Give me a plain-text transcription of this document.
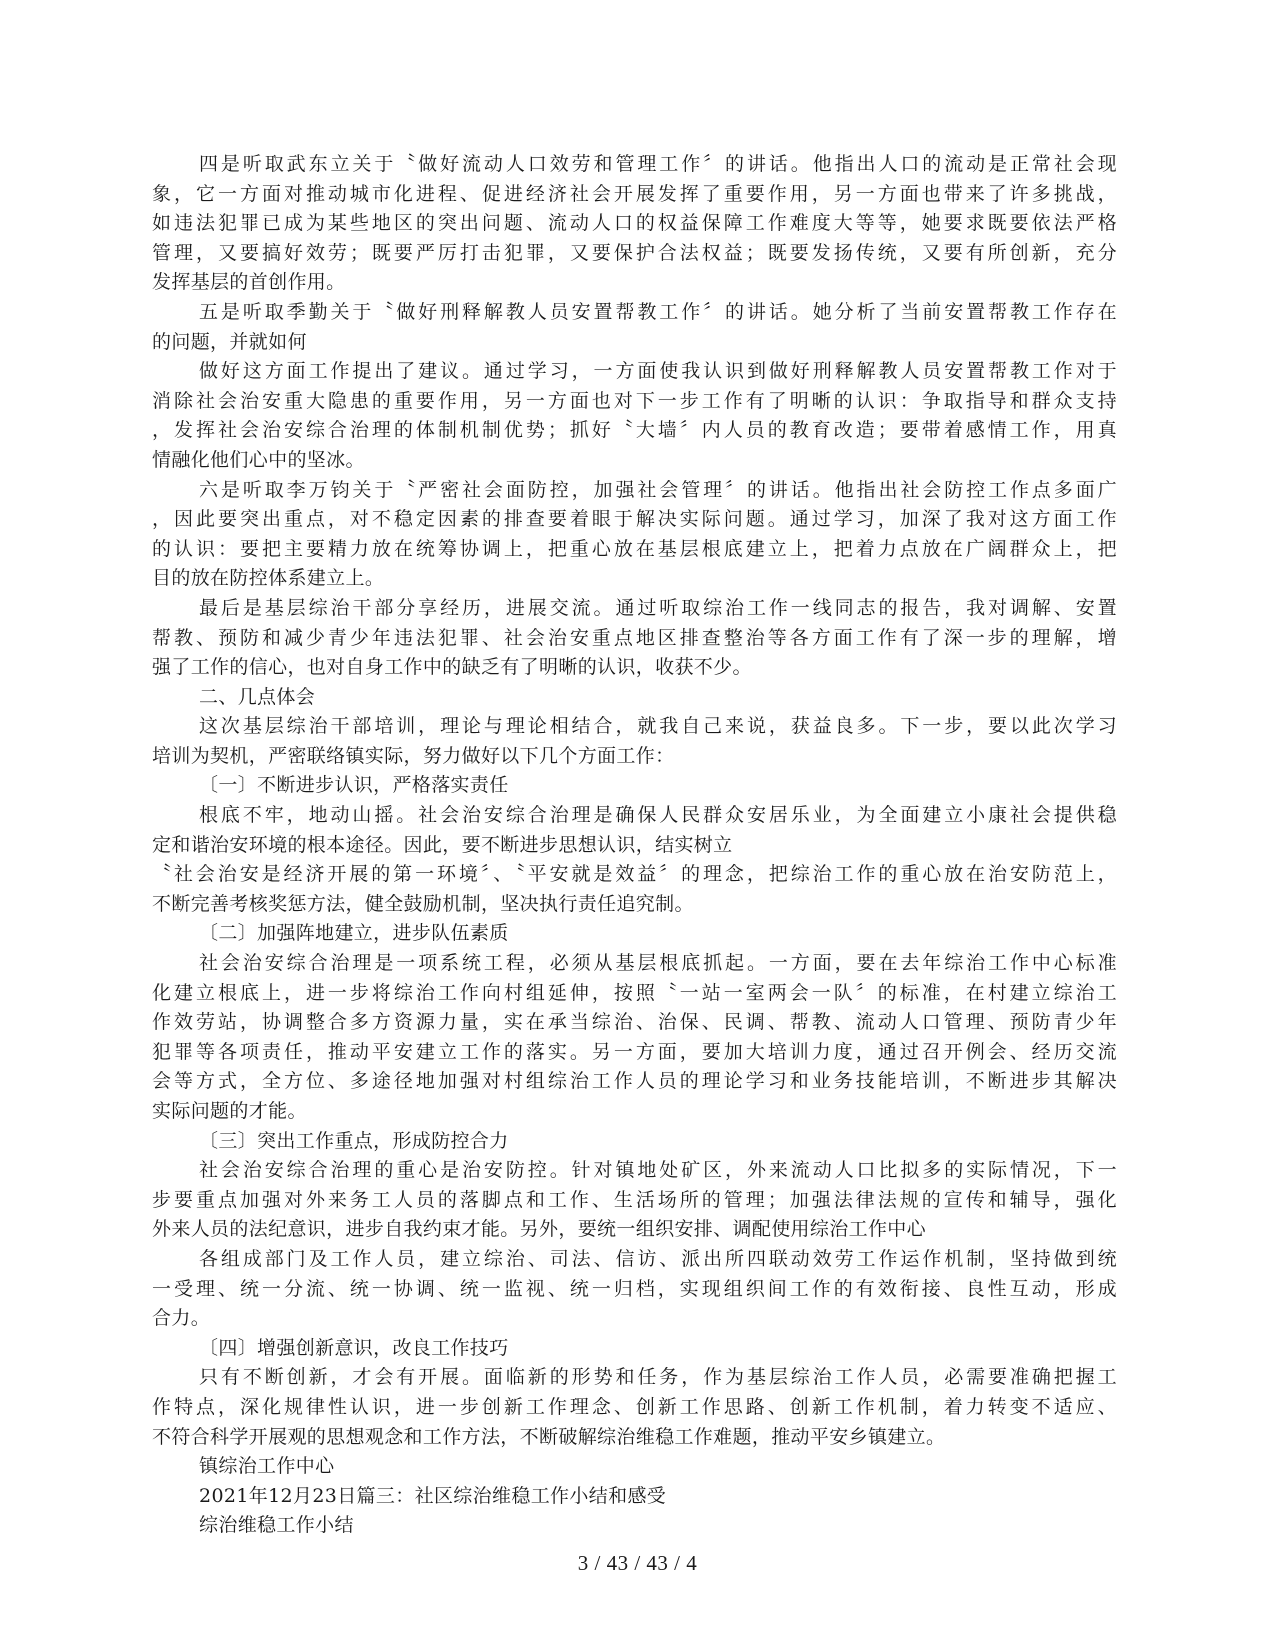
四是听取武东立关于〝做好流动人口效劳和管理工作〞的讲话。他指出人口的流动是正常社会现
象，它一方面对推动城市化进程、促进经济社会开展发挥了重要作用，另一方面也带来了许多挑战，
如违法犯罪已成为某些地区的突出问题、流动人口的权益保障工作难度大等等，她要求既要依法严格
管理，又要搞好效劳；既要严厉打击犯罪，又要保护合法权益；既要发扬传统，又要有所创新，充分
发挥基层的首创作用。
五是听取季勤关于〝做好刑释解教人员安置帮教工作〞的讲话。她分析了当前安置帮教工作存在
的问题，并就如何
做好这方面工作提出了建议。通过学习，一方面使我认识到做好刑释解教人员安置帮教工作对于
消除社会治安重大隐患的重要作用，另一方面也对下一步工作有了明晰的认识：争取指导和群众支持
，发挥社会治安综合治理的体制机制优势；抓好〝大墙〞内人员的教育改造；要带着感情工作，用真
情融化他们心中的坚冰。
六是听取李万钧关于〝严密社会面防控，加强社会管理〞的讲话。他指出社会防控工作点多面广
，因此要突出重点，对不稳定因素的排查要着眼于解决实际问题。通过学习，加深了我对这方面工作
的认识：要把主要精力放在统筹协调上，把重心放在基层根底建立上，把着力点放在广阔群众上，把
目的放在防控体系建立上。
最后是基层综治干部分享经历，进展交流。通过听取综治工作一线同志的报告，我对调解、安置
帮教、预防和减少青少年违法犯罪、社会治安重点地区排查整治等各方面工作有了深一步的理解，增
强了工作的信心，也对自身工作中的缺乏有了明晰的认识，收获不少。
二、几点体会
这次基层综治干部培训，理论与理论相结合，就我自己来说，获益良多。下一步，要以此次学习
培训为契机，严密联络镇实际，努力做好以下几个方面工作：
〔一〕不断进步认识，严格落实责任
根底不牢，地动山摇。社会治安综合治理是确保人民群众安居乐业，为全面建立小康社会提供稳
定和谐治安环境的根本途径。因此，要不断进步思想认识，结实树立
〝社会治安是经济开展的第一环境〞、〝平安就是效益〞的理念，把综治工作的重心放在治安防范上，
不断完善考核奖惩方法，健全鼓励机制，坚决执行责任追究制。
〔二〕加强阵地建立，进步队伍素质
社会治安综合治理是一项系统工程，必须从基层根底抓起。一方面，要在去年综治工作中心标准
化建立根底上，进一步将综治工作向村组延伸，按照〝一站一室两会一队〞的标准，在村建立综治工
作效劳站，协调整合多方资源力量，实在承当综治、治保、民调、帮教、流动人口管理、预防青少年
犯罪等各项责任，推动平安建立工作的落实。另一方面，要加大培训力度，通过召开例会、经历交流
会等方式，全方位、多途径地加强对村组综治工作人员的理论学习和业务技能培训，不断进步其解决
实际问题的才能。
〔三〕突出工作重点，形成防控合力
社会治安综合治理的重心是治安防控。针对镇地处矿区，外来流动人口比拟多的实际情况，下一
步要重点加强对外来务工人员的落脚点和工作、生活场所的管理；加强法律法规的宣传和辅导，强化
外来人员的法纪意识，进步自我约束才能。另外，要统一组织安排、调配使用综治工作中心
各组成部门及工作人员，建立综治、司法、信访、派出所四联动效劳工作运作机制，坚持做到统
一受理、统一分流、统一协调、统一监视、统一归档，实现组织间工作的有效衔接、良性互动，形成
合力。
〔四〕增强创新意识，改良工作技巧
只有不断创新，才会有开展。面临新的形势和任务，作为基层综治工作人员，必需要准确把握工
作特点，深化规律性认识，进一步创新工作理念、创新工作思路、创新工作机制，着力转变不适应、
不符合科学开展观的思想观念和工作方法，不断破解综治维稳工作难题，推动平安乡镇建立。
镇综治工作中心
2021年12月23日篇三：社区综治维稳工作小结和感受
综治维稳工作小结
3 / 43 / 43 / 4
